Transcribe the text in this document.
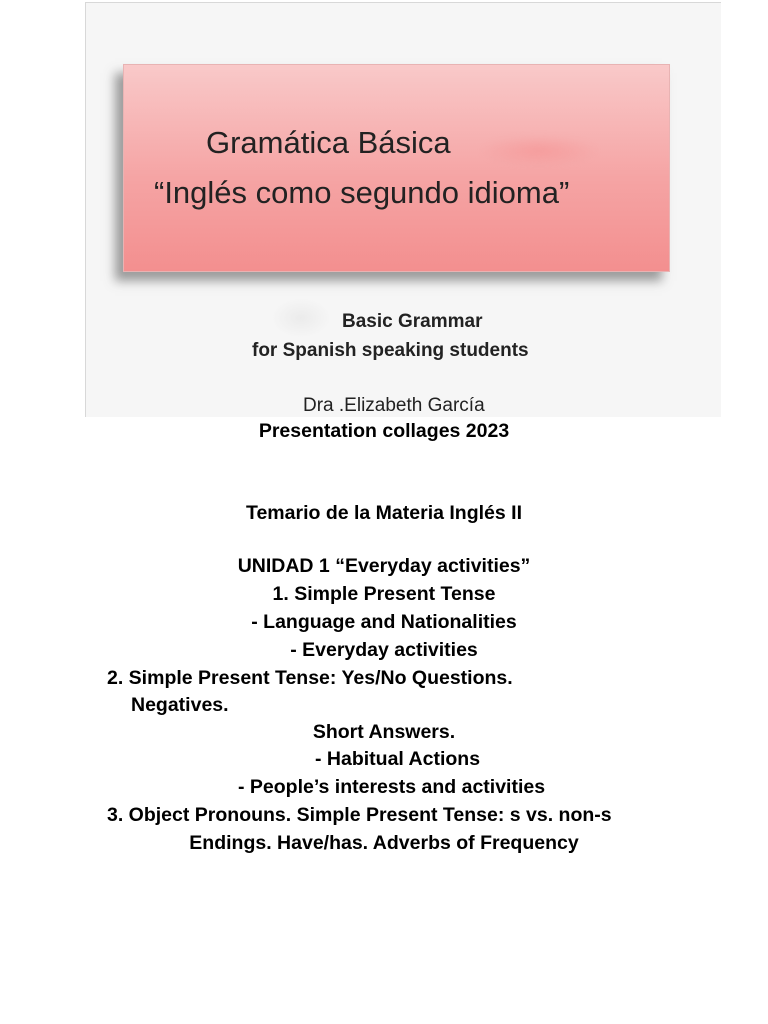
Gramática Básica
“Inglés como segundo idioma”
Basic Grammar
for Spanish speaking students
Dra .Elizabeth García
Presentation collages 2023
Temario de la Materia Inglés II
UNIDAD 1 “Everyday activities”
1. Simple Present Tense
- Language and Nationalities
- Everyday activities
2. Simple Present Tense: Yes/No Questions.
Negatives.
Short Answers.
- Habitual Actions
- People’s interests and activities
3. Object Pronouns. Simple Present Tense: s vs. non-s
Endings. Have/has. Adverbs of Frequency
